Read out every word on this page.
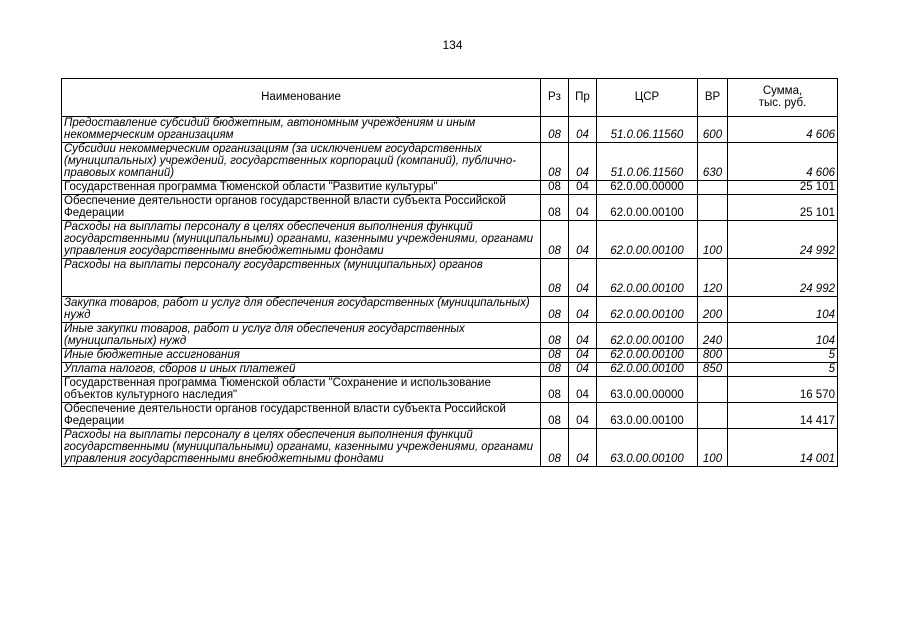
134
Наименование	Рз	Пр	ЦСР	ВР	Сумма,
тыс. руб.

Предоставление субсидий бюджетным, автономным учреждениям и иным некоммерческим организациям	08	04	51.0.06.11560	600	4 606
Субсидии некоммерческим организациям (за исключением государственных (муниципальных) учреждений, государственных корпораций (компаний), публично-правовых компаний)	08	04	51.0.06.11560	630	4 606
Государственная программа Тюменской области "Развитие культуры"	08	04	62.0.00.00000		25 101
Обеспечение деятельности органов государственной власти субъекта Российской Федерации	08	04	62.0.00.00100		25 101
Расходы на выплаты персоналу в целях обеспечения выполнения функций государственными (муниципальными) органами, казенными учреждениями, органами управления государственными внебюджетными фондами	08	04	62.0.00.00100	100	24 992
Расходы на выплаты персоналу государственных (муниципальных) органов	08	04	62.0.00.00100	120	24 992
Закупка товаров, работ и услуг для обеспечения государственных (муниципальных) нужд	08	04	62.0.00.00100	200	104
Иные закупки товаров, работ и услуг для обеспечения государственных (муниципальных) нужд	08	04	62.0.00.00100	240	104
Иные бюджетные ассигнования	08	04	62.0.00.00100	800	5
Уплата налогов, сборов и иных платежей	08	04	62.0.00.00100	850	5
Государственная программа Тюменской области "Сохранение и использование объектов культурного наследия"	08	04	63.0.00.00000		16 570
Обеспечение деятельности органов государственной власти субъекта Российской Федерации	08	04	63.0.00.00100		14 417
Расходы на выплаты персоналу в целях обеспечения выполнения функций государственными (муниципальными) органами, казенными учреждениями, органами управления государственными внебюджетными фондами	08	04	63.0.00.00100	100	14 001
